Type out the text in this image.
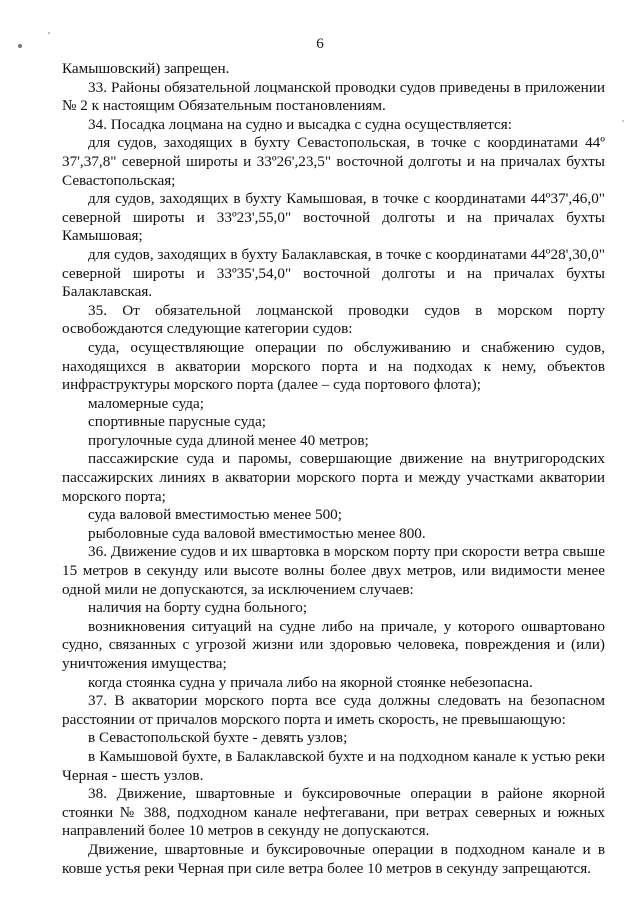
6

Камышовский) запрещен.

33. Районы обязательной лоцманской проводки судов приведены в приложении № 2 к настоящим Обязательным постановлениям.

34. Посадка лоцмана на судно и высадка с судна осуществляется:

для судов, заходящих в бухту Севастопольская, в точке с координатами 44º 37',37,8" северной широты и 33º26',23,5" восточной долготы и на причалах бухты Севастопольская;

для судов, заходящих в бухту Камышовая, в точке с координатами 44º37',46,0" северной широты и 33º23',55,0" восточной долготы и на причалах бухты Камышовая;

для судов, заходящих в бухту Балаклавская, в точке с координатами 44º28',30,0" северной широты и 33º35',54,0" восточной долготы и на причалах бухты Балаклавская.

35. От обязательной лоцманской проводки судов в морском порту освобождаются следующие категории судов:

суда, осуществляющие операции по обслуживанию и снабжению судов, находящихся в акватории морского порта и на подходах к нему, объектов инфраструктуры морского порта (далее – суда портового флота);

маломерные суда;

спортивные парусные суда;

прогулочные суда длиной менее 40 метров;

пассажирские суда и паромы, совершающие движение на внутригородских пассажирских линиях в акватории морского порта и между участками акватории морского порта;

суда валовой вместимостью менее 500;

рыболовные суда валовой вместимостью менее 800.

36. Движение судов и их швартовка в морском порту при скорости ветра свыше 15 метров в секунду или высоте волны более двух метров, или видимости менее одной мили не допускаются, за исключением случаев:

наличия на борту судна больного;

возникновения ситуаций на судне либо на причале, у которого ошвартовано судно, связанных с угрозой жизни или здоровью человека, повреждения и (или) уничтожения имущества;

когда стоянка судна у причала либо на якорной стоянке небезопасна.

37. В акватории морского порта все суда должны следовать на безопасном расстоянии от причалов морского порта и иметь скорость, не превышающую:

в Севастопольской бухте - девять узлов;

в Камышовой бухте, в Балаклавской бухте и на подходном канале к устью реки Черная - шесть узлов.

38. Движение, швартовные и буксировочные операции в районе якорной стоянки № 388, подходном канале нефтегавани, при ветрах северных и южных направлений более 10 метров в секунду не допускаются.

Движение, швартовные и буксировочные операции в подходном канале и в ковше устья реки Черная при силе ветра более 10 метров в секунду запрещаются.
